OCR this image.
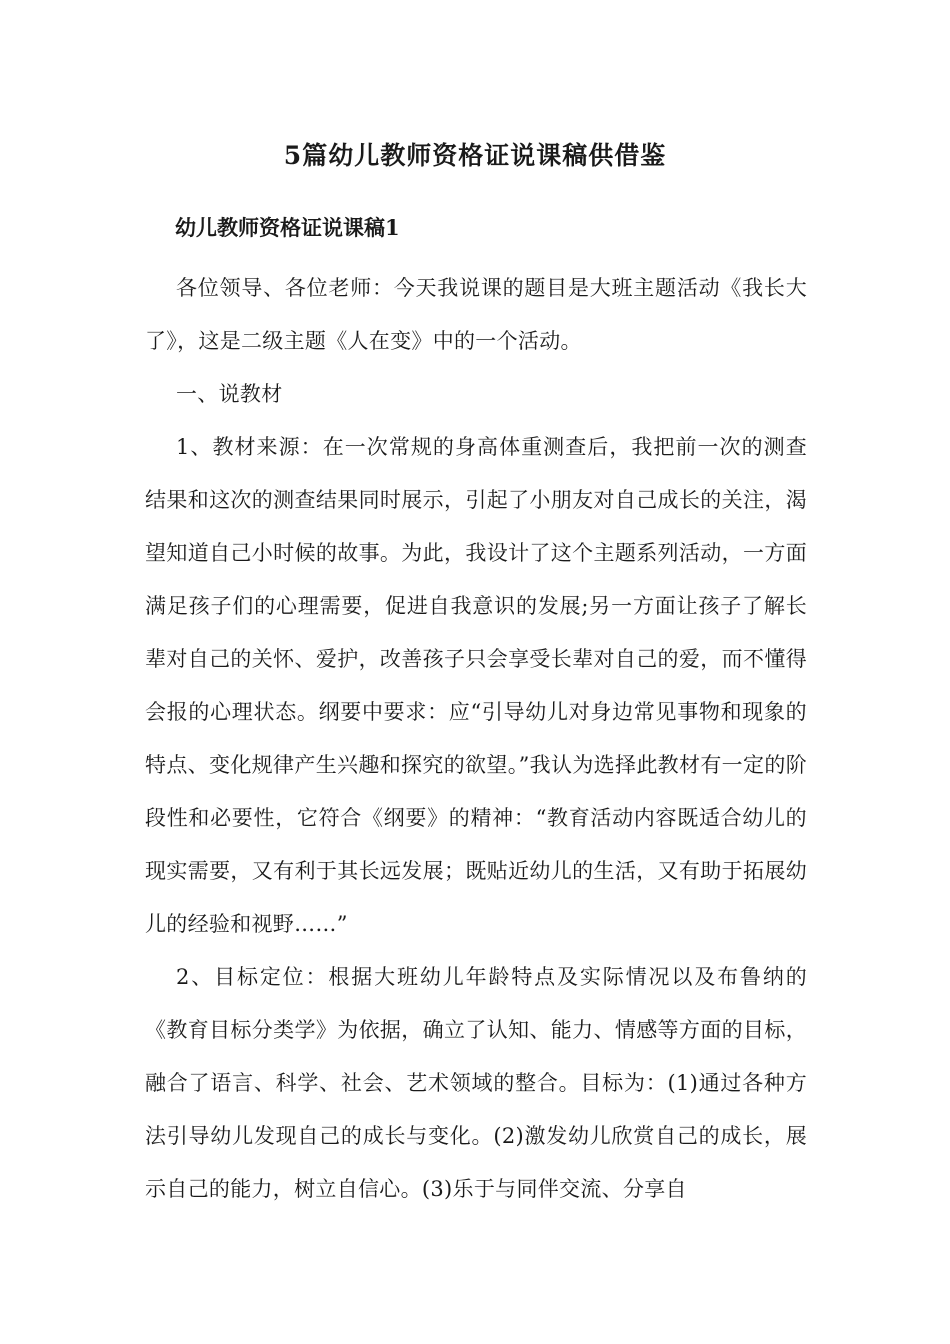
5篇幼儿教师资格证说课稿供借鉴
幼儿教师资格证说课稿1

各位领导、各位老师：今天我说课的题目是大班主题活动《我长大了》，这是二级主题《人在变》中的一个活动。

一、说教材

1、教材来源：在一次常规的身高体重测查后，我把前一次的测查结果和这次的测查结果同时展示，引起了小朋友对自己成长的关注，渴望知道自己小时候的故事。为此，我设计了这个主题系列活动，一方面满足孩子们的心理需要，促进自我意识的发展;另一方面让孩子了解长辈对自己的关怀、爱护，改善孩子只会享受长辈对自己的爱，而不懂得会报的心理状态。纲要中要求：应“引导幼儿对身边常见事物和现象的特点、变化规律产生兴趣和探究的欲望。”我认为选择此教材有一定的阶段性和必要性，它符合《纲要》的精神：“教育活动内容既适合幼儿的现实需要，又有利于其长远发展；既贴近幼儿的生活，又有助于拓展幼儿的经验和视野……”

2、目标定位：根据大班幼儿年龄特点及实际情况以及布鲁纳的《教育目标分类学》为依据，确立了认知、能力、情感等方面的目标，融合了语言、科学、社会、艺术领域的整合。目标为：(1)通过各种方法引导幼儿发现自己的成长与变化。(2)激发幼儿欣赏自己的成长，展示自己的能力，树立自信心。(3)乐于与同伴交流、分享自
